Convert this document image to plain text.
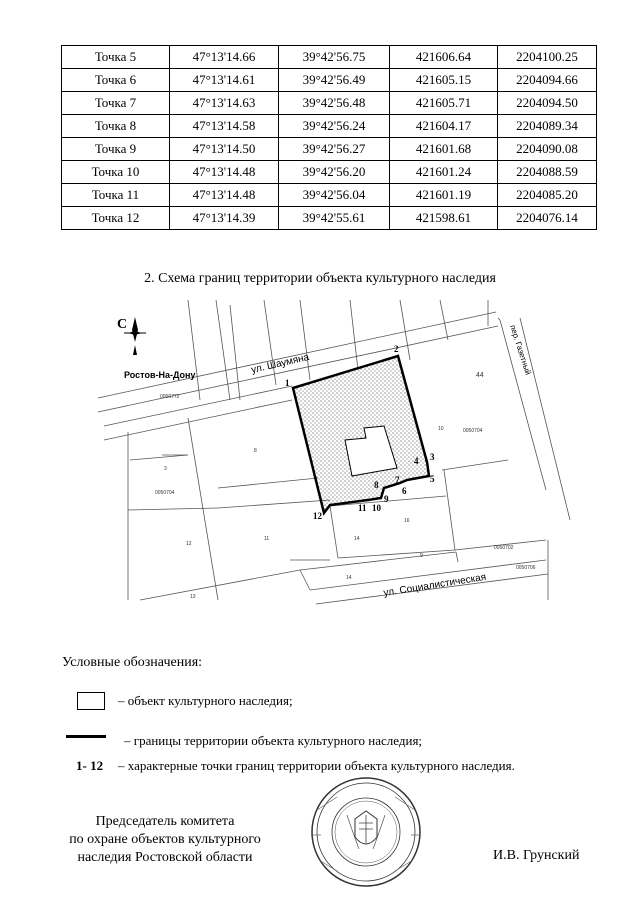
Точка 5	47°13'14.66	39°42'56.75	421606.64	2204100.25
Точка 6	47°13'14.61	39°42'56.49	421605.15	2204094.66
Точка 7	47°13'14.63	39°42'56.48	421605.71	2204094.50
Точка 8	47°13'14.58	39°42'56.24	421604.17	2204089.34
Точка 9	47°13'14.50	39°42'56.27	421601.68	2204090.08
Точка 10	47°13'14.48	39°42'56.20	421601.24	2204088.59
Точка 11	47°13'14.48	39°42'56.04	421601.19	2204085.20
Точка 12	47°13'14.39	39°42'55.61	421598.61	2204076.14
2. Схема границ территории объекта культурного наследия
1
2
3
4
5
6
7
8
9
10
11
12
44
10
8
3
16
11	14
12
13
9
0050772
0050704
0050704
0050702
0050706
14
ул. Шаумяна	пер. Газетный
ул. Социалистическая
Ростов-На-Дону
С
Условные обозначения:
– объект культурного наследия;
– границы территории объекта культурного наследия;
1- 12 – характерные точки границ территории объекта культурного наследия.
Председатель комитета
по охране объектов культурного
наследия Ростовской области	И.В. Грунский
